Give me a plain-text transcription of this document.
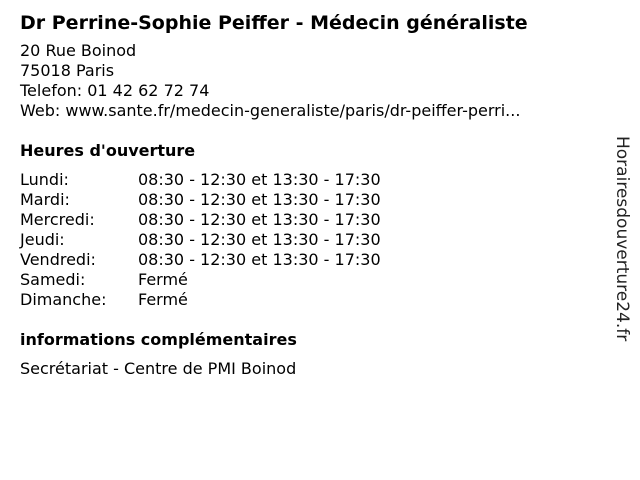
Dr Perrine-Sophie Peiffer - Médecin généraliste
20 Rue Boinod
75018 Paris
Telefon: 01 42 62 72 74
Web: www.sante.fr/medecin-generaliste/paris/dr-peiffer-perri...
Heures d'ouverture
Lundi:	08:30 - 12:30 et 13:30 - 17:30
Mardi:	08:30 - 12:30 et 13:30 - 17:30
Mercredi:	08:30 - 12:30 et 13:30 - 17:30
Jeudi:	08:30 - 12:30 et 13:30 - 17:30
Vendredi:	08:30 - 12:30 et 13:30 - 17:30
Samedi:	Fermé
Dimanche:	Fermé
informations complémentaires
Secrétariat - Centre de PMI Boinod
Horairesdouverture24.fr
